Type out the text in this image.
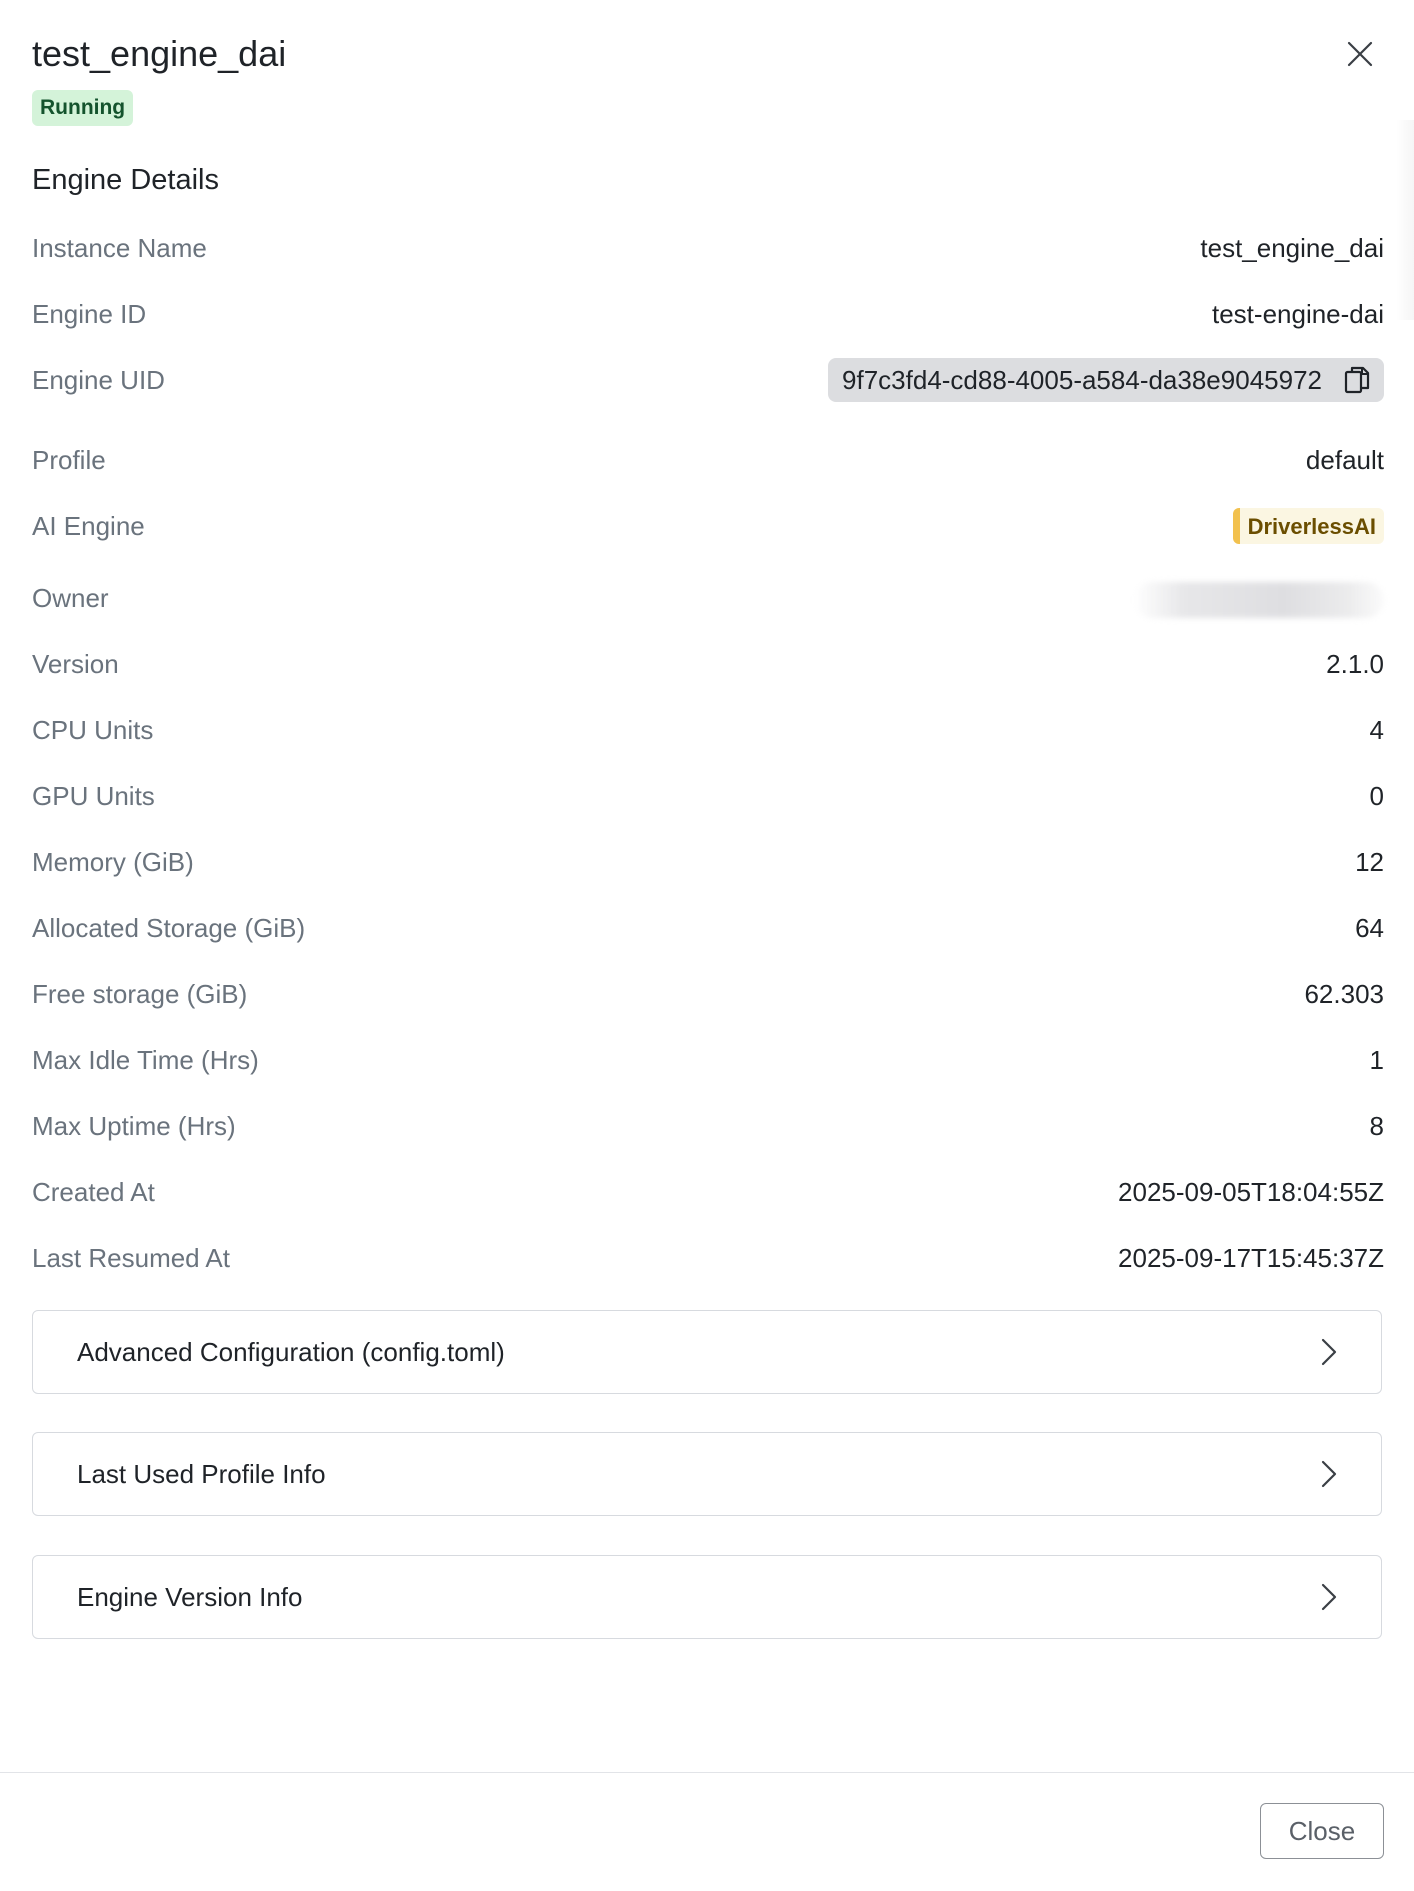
test_engine_dai
Running
Engine Details
Instance Name	test_engine_dai
Engine ID	test-engine-dai
Engine UID	9f7c3fd4-cd88-4005-a584-da38e9045972
Profile	default
AI Engine	DriverlessAI
Owner
Version	2.1.0
CPU Units	4
GPU Units	0
Memory (GiB)	12
Allocated Storage (GiB)	64
Free storage (GiB)	62.303
Max Idle Time (Hrs)	1
Max Uptime (Hrs)	8
Created At	2025-09-05T18:04:55Z
Last Resumed At	2025-09-17T15:45:37Z
Advanced Configuration (config.toml)
Last Used Profile Info
Engine Version Info
Close
